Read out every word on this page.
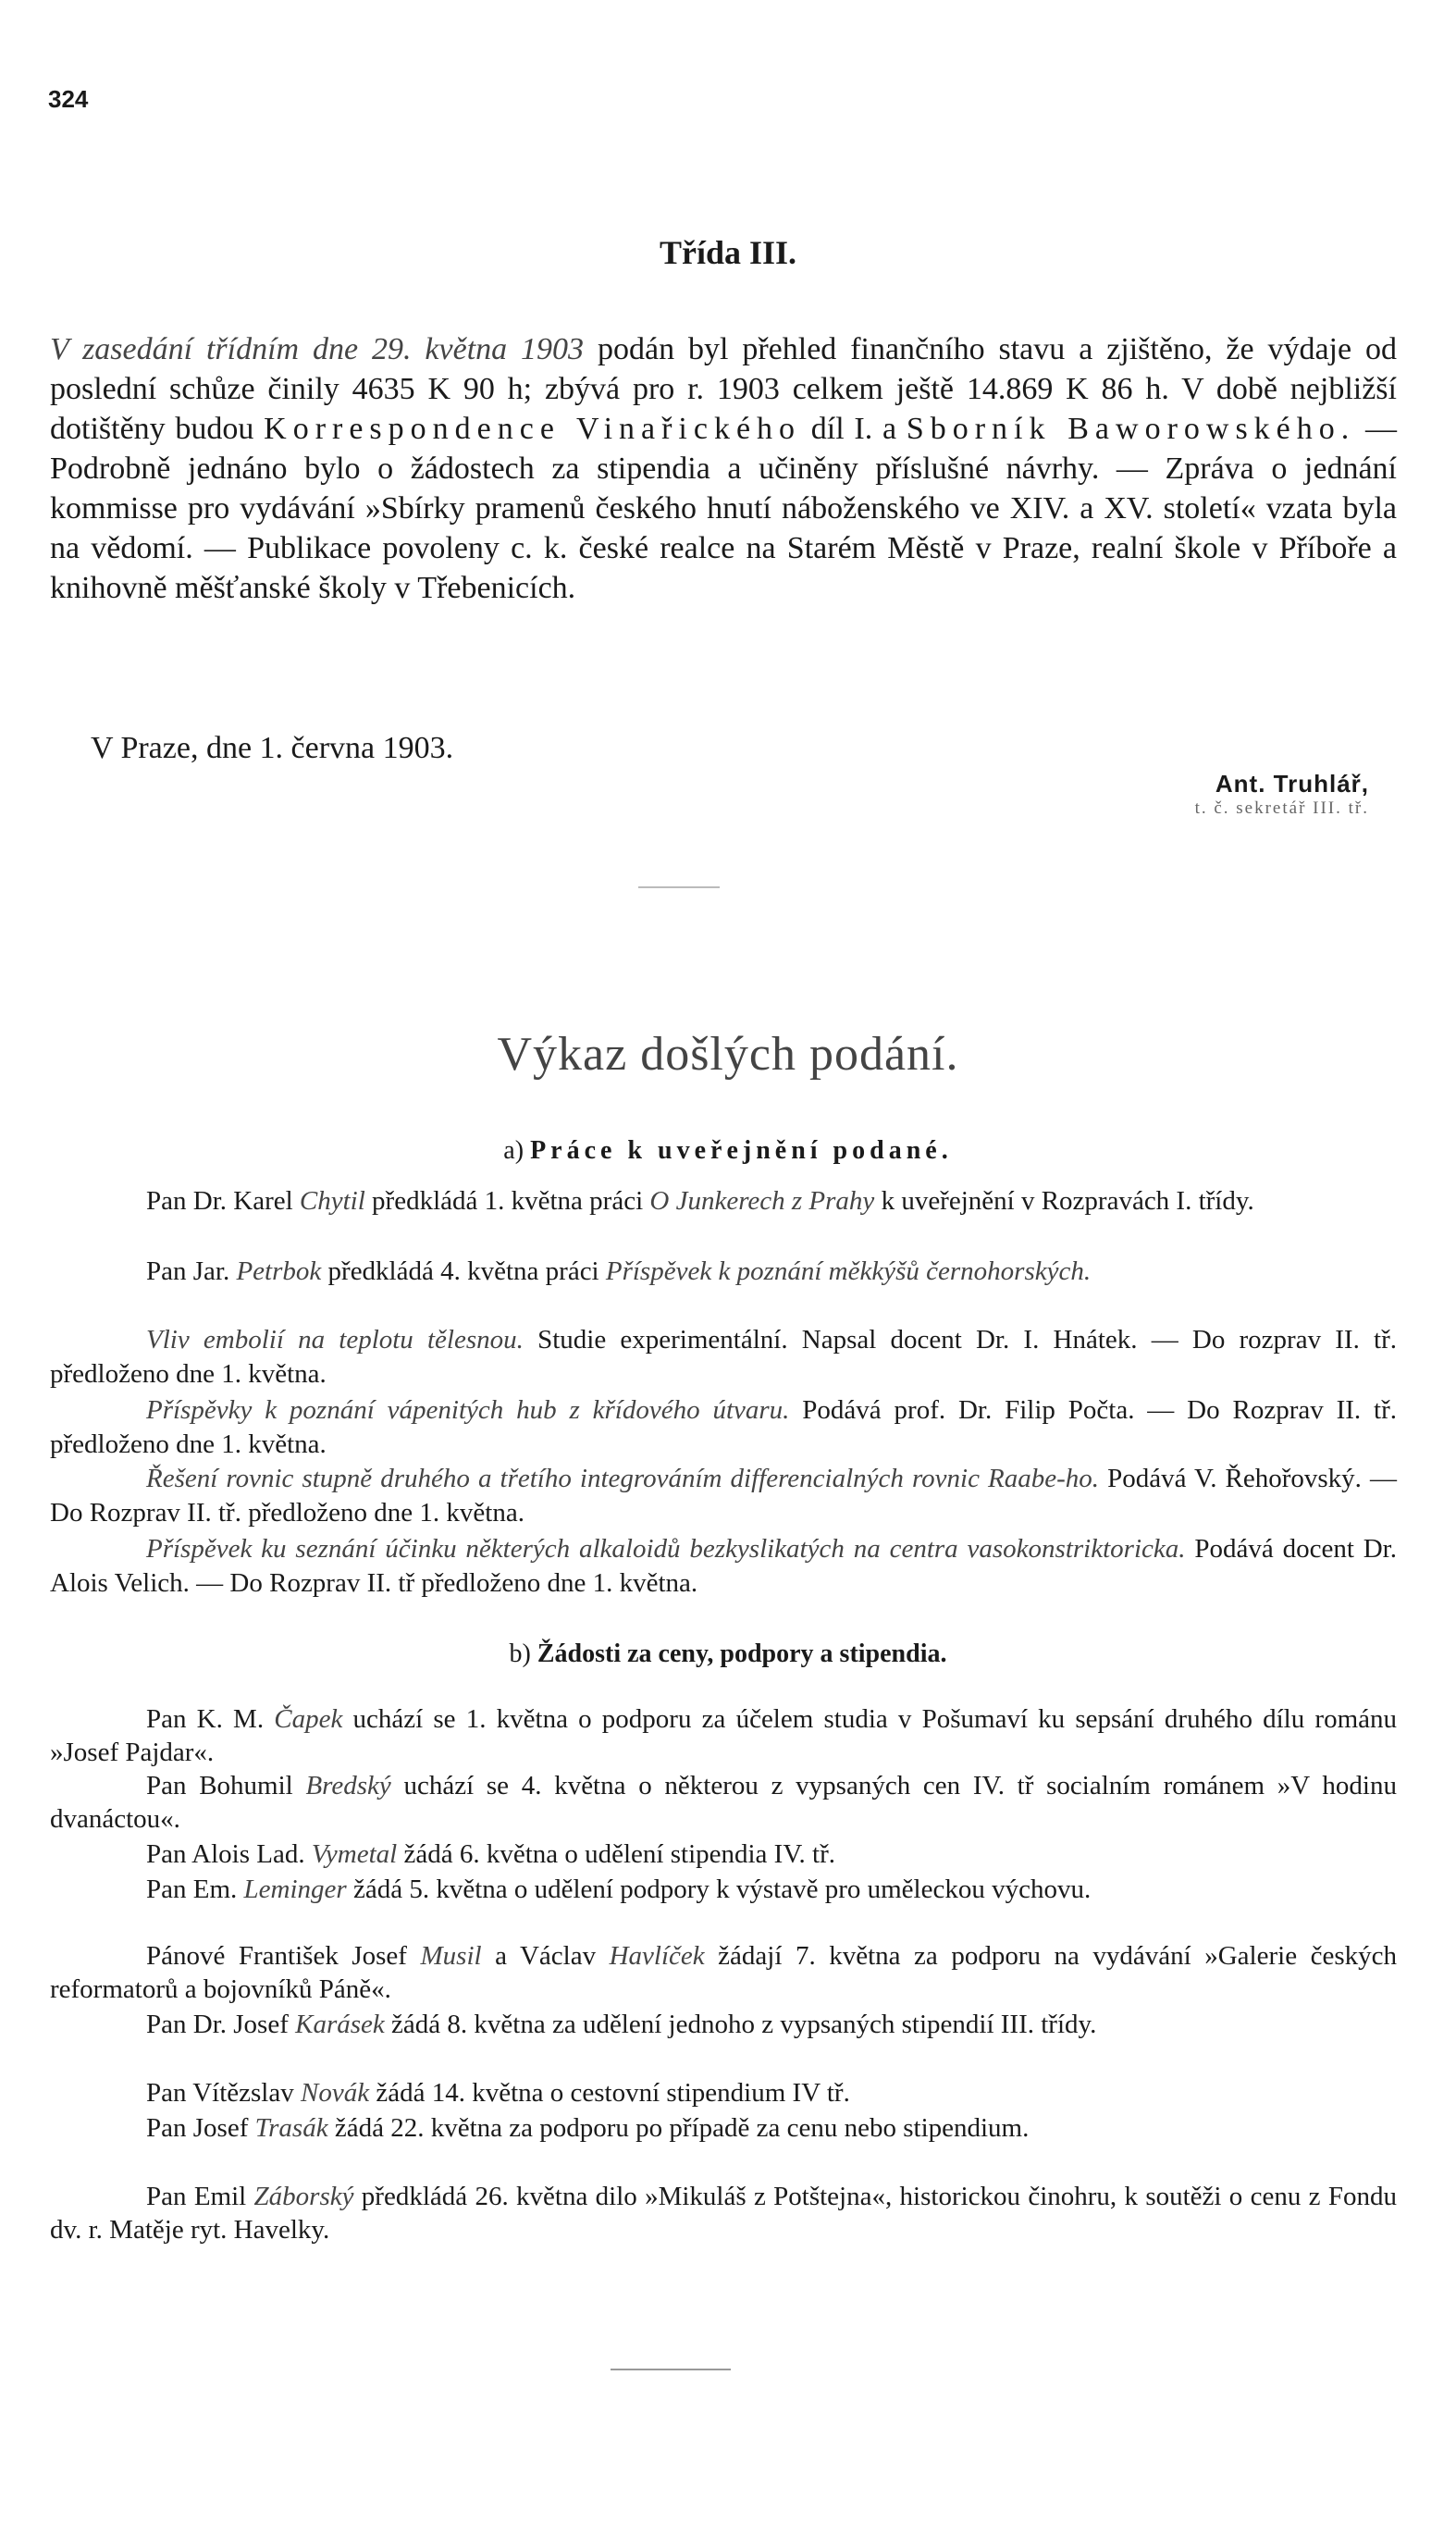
324
Třída III.
V zasedání třídním dne 29. května 1903 podán byl přehled finančního stavu a zjištěno, že výdaje od poslední schůze činily 4635 K 90 h; zbývá pro r. 1903 celkem ještě 14.869 K 86 h. V době nejbližší dotištěny budou Korrespondence Vinařického díl I. a Sborník Baworowského. — Podrobně jednáno bylo o žádostech za stipendia a učiněny příslušné návrhy. — Zpráva o jednání kommisse pro vydávání »Sbírky pramenů českého hnutí náboženského ve XIV. a XV. století« vzata byla na vědomí. — Publikace povoleny c. k. české realce na Starém Městě v Praze, realní škole v Příboře a knihovně měšťanské školy v Třebenicích.
V Praze, dne 1. června 1903.
Ant. Truhlář,
t. č. sekretář III. tř.
Výkaz došlých podání.
a) Práce k uveřejnění podané.
Pan Dr. Karel Chytil předkládá 1. května práci O Junkerech z Prahy k uveřejnění v Rozpravách I. třídy.
Pan Jar. Petrbok předkládá 4. května práci Příspěvek k poznání měkkýšů černohorských.
Vliv embolií na teplotu tělesnou. Studie experimentální. Napsal docent Dr. I. Hnátek. — Do rozprav II. tř. předloženo dne 1. května.
Příspěvky k poznání vápenitých hub z křídového útvaru. Podává prof. Dr. Filip Počta. — Do Rozprav II. tř. předloženo dne 1. května.
Řešení rovnic stupně druhého a třetího integrováním differencialných rovnic Raabe-ho. Podává V. Řehořovský. — Do Rozprav II. tř. předloženo dne 1. května.
Příspěvek ku seznání účinku některých alkaloidů bezkyslikatých na centra vasokonstriktoricka. Podává docent Dr. Alois Velich. — Do Rozprav II. tř předloženo dne 1. května.
b) Žádosti za ceny, podpory a stipendia.
Pan K. M. Čapek uchází se 1. května o podporu za účelem studia v Pošumaví ku sepsání druhého dílu románu »Josef Pajdar«.
Pan Bohumil Bredský uchází se 4. května o některou z vypsaných cen IV. tř socialním románem »V hodinu dvanáctou«.
Pan Alois Lad. Vymetal žádá 6. května o udělení stipendia IV. tř.
Pan Em. Leminger žádá 5. května o udělení podpory k výstavě pro uměleckou výchovu.
Pánové František Josef Musil a Václav Havlíček žádají 7. května za podporu na vydávání »Galerie českých reformatorů a bojovníků Páně«.
Pan Dr. Josef Karásek žádá 8. května za udělení jednoho z vypsaných stipendií III. třídy.
Pan Vítězslav Novák žádá 14. května o cestovní stipendium IV tř.
Pan Josef Trasák žádá 22. května za podporu po případě za cenu nebo stipendium.
Pan Emil Záborský předkládá 26. května dilo »Mikuláš z Potštejna«, historickou činohru, k soutěži o cenu z Fondu dv. r. Matěje ryt. Havelky.
